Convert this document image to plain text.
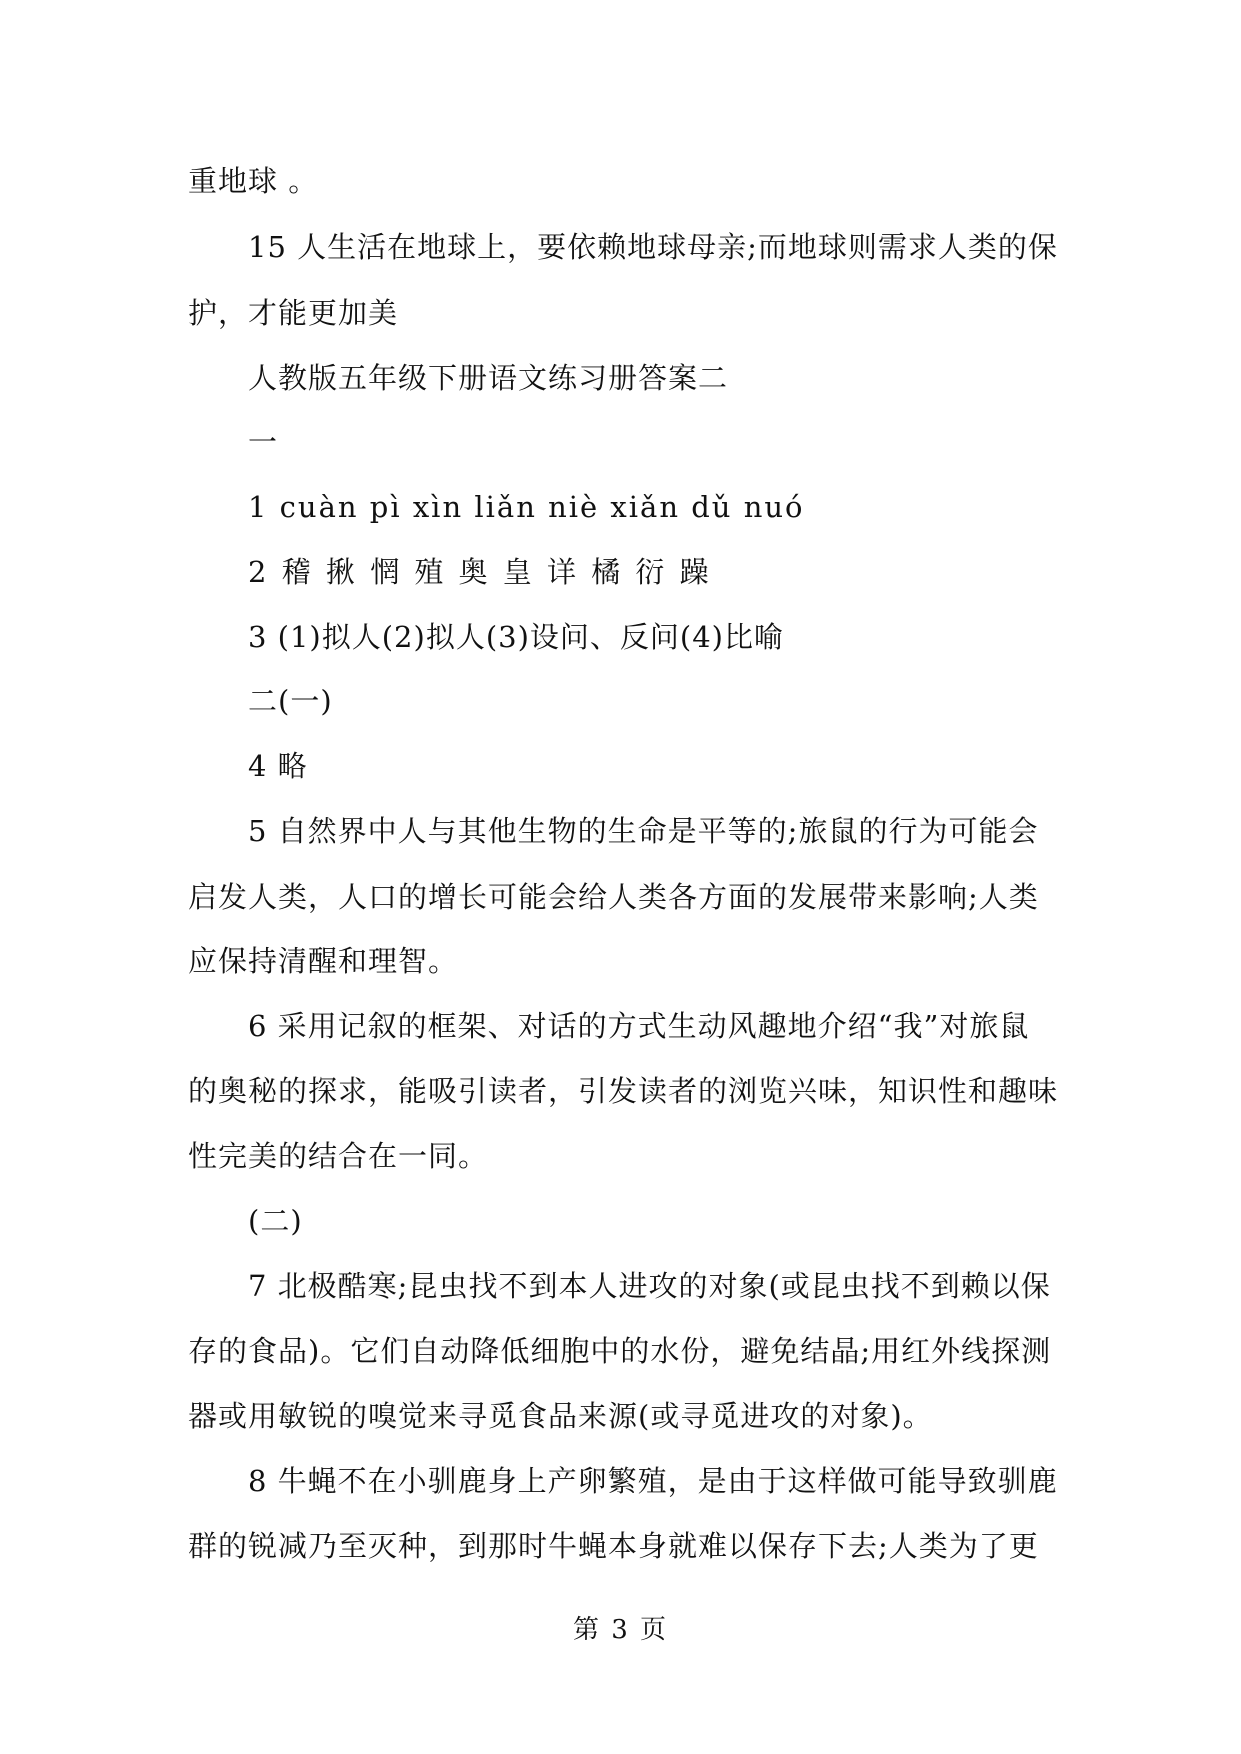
重地球 。
15 人生活在地球上，要依赖地球母亲;而地球则需求人类的保
护，才能更加美
人教版五年级下册语文练习册答案二
一
1 cuàn pì xìn liǎn niè xiǎn dǔ nuó
2 稽 揪 惘 殖 奥 皇 详 橘 衍 躁
3 (1)拟人(2)拟人(3)设问、反问(4)比喻
二(一)
4 略
5 自然界中人与其他生物的生命是平等的;旅鼠的行为可能会
启发人类，人口的增长可能会给人类各方面的发展带来影响;人类
应保持清醒和理智。
6 采用记叙的框架、对话的方式生动风趣地介绍“我”对旅鼠
的奥秘的探求，能吸引读者，引发读者的浏览兴味，知识性和趣味
性完美的结合在一同。
(二)
7 北极酷寒;昆虫找不到本人进攻的对象(或昆虫找不到赖以保
存的食品)。它们自动降低细胞中的水份，避免结晶;用红外线探测
器或用敏锐的嗅觉来寻觅食品来源(或寻觅进攻的对象)。
8 牛蝇不在小驯鹿身上产卵繁殖，是由于这样做可能导致驯鹿
群的锐减乃至灭种，到那时牛蝇本身就难以保存下去;人类为了更
第 3 页
